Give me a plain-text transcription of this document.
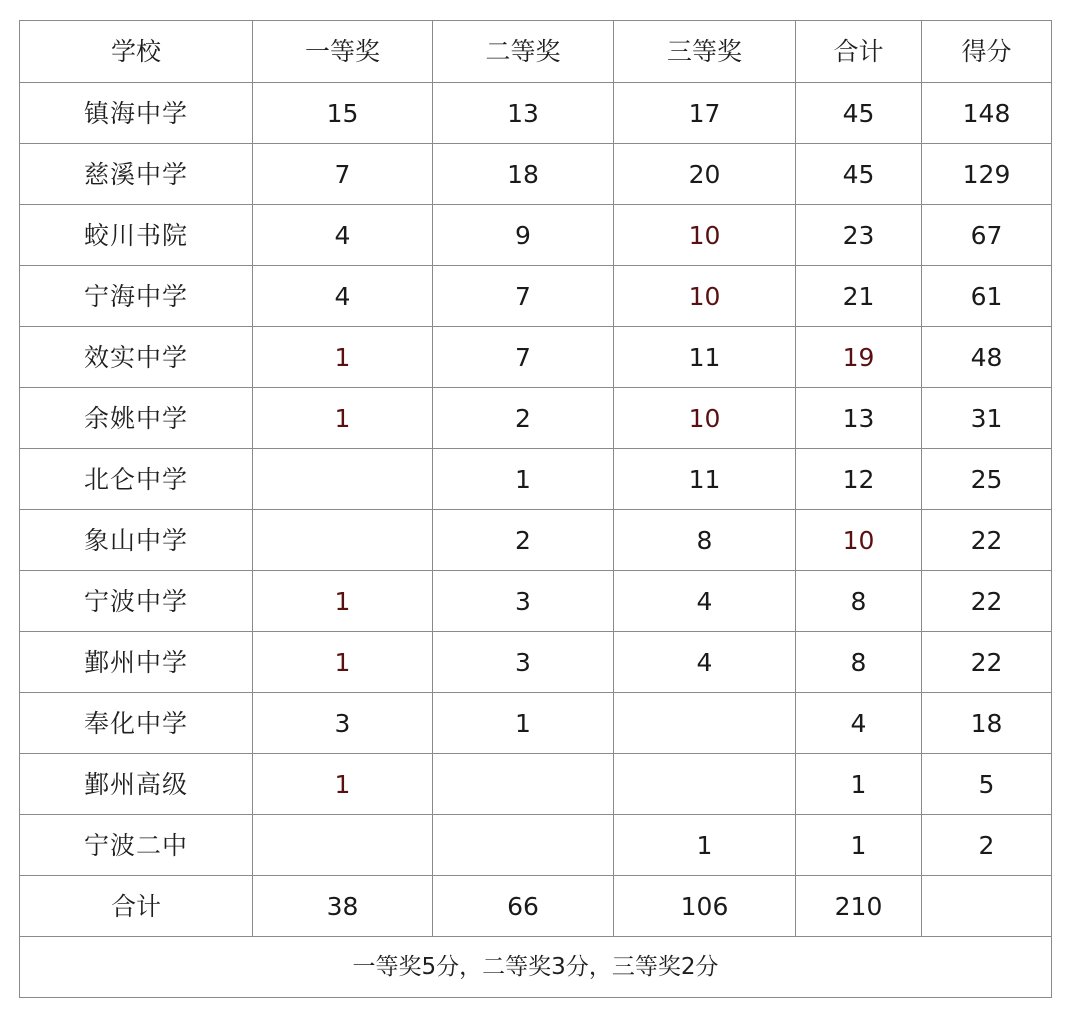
学校	一等奖	二等奖	三等奖	合计	得分
镇海中学	15	13	17	45	148
慈溪中学	7	18	20	45	129
蛟川书院	4	9	10	23	67
宁海中学	4	7	10	21	61
效实中学	1	7	11	19	48
余姚中学	1	2	10	13	31
北仑中学		1	11	12	25
象山中学		2	8	10	22
宁波中学	1	3	4	8	22
鄞州中学	1	3	4	8	22
奉化中学	3	1		4	18
鄞州高级	1			1	5
宁波二中			1	1	2
合计	38	66	106	210	
一等奖5分，二等奖3分，三等奖2分					
